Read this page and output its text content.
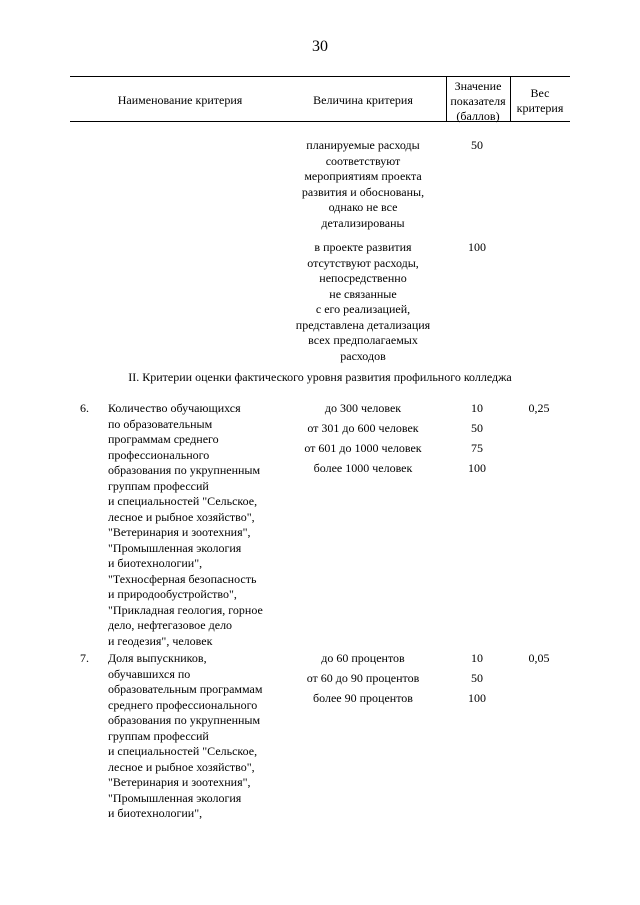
30
Наименование критерия	Величина критерия
Значение
показателя
(баллов)
Вес
критерия
планируемые расходы
соответствуют
мероприятиям проекта
развития и обоснованы,
однако не все
детализированы
50
в проекте развития
отсутствуют расходы,
непосредственно
не связанные
с его реализацией,
представлена детализация
всех предполагаемых
расходов
100
II. Критерии оценки фактического уровня развития профильного колледжа
6. Количество обучающихся
по образовательным
программам среднего
профессионального
образования по укрупненным
группам профессий
и специальностей "Сельское,
лесное и рыбное хозяйство",
"Ветеринария и зоотехния",
"Промышленная экология
и биотехнологии",
"Техносферная безопасность
и природообустройство",
"Прикладная геология, горное
дело, нефтегазовое дело
и геодезия", человек
до 300 человек
от 301 до 600 человек
от 601 до 1000 человек
более 1000 человек
10
50
75
100
0,25
7. Доля выпускников,
обучавшихся по
образовательным программам
среднего профессионального
образования по укрупненным
группам профессий
и специальностей "Сельское,
лесное и рыбное хозяйство",
"Ветеринария и зоотехния",
"Промышленная экология
и биотехнологии",
до 60 процентов
от 60 до 90 процентов
более 90 процентов
10
50
100
0,05
